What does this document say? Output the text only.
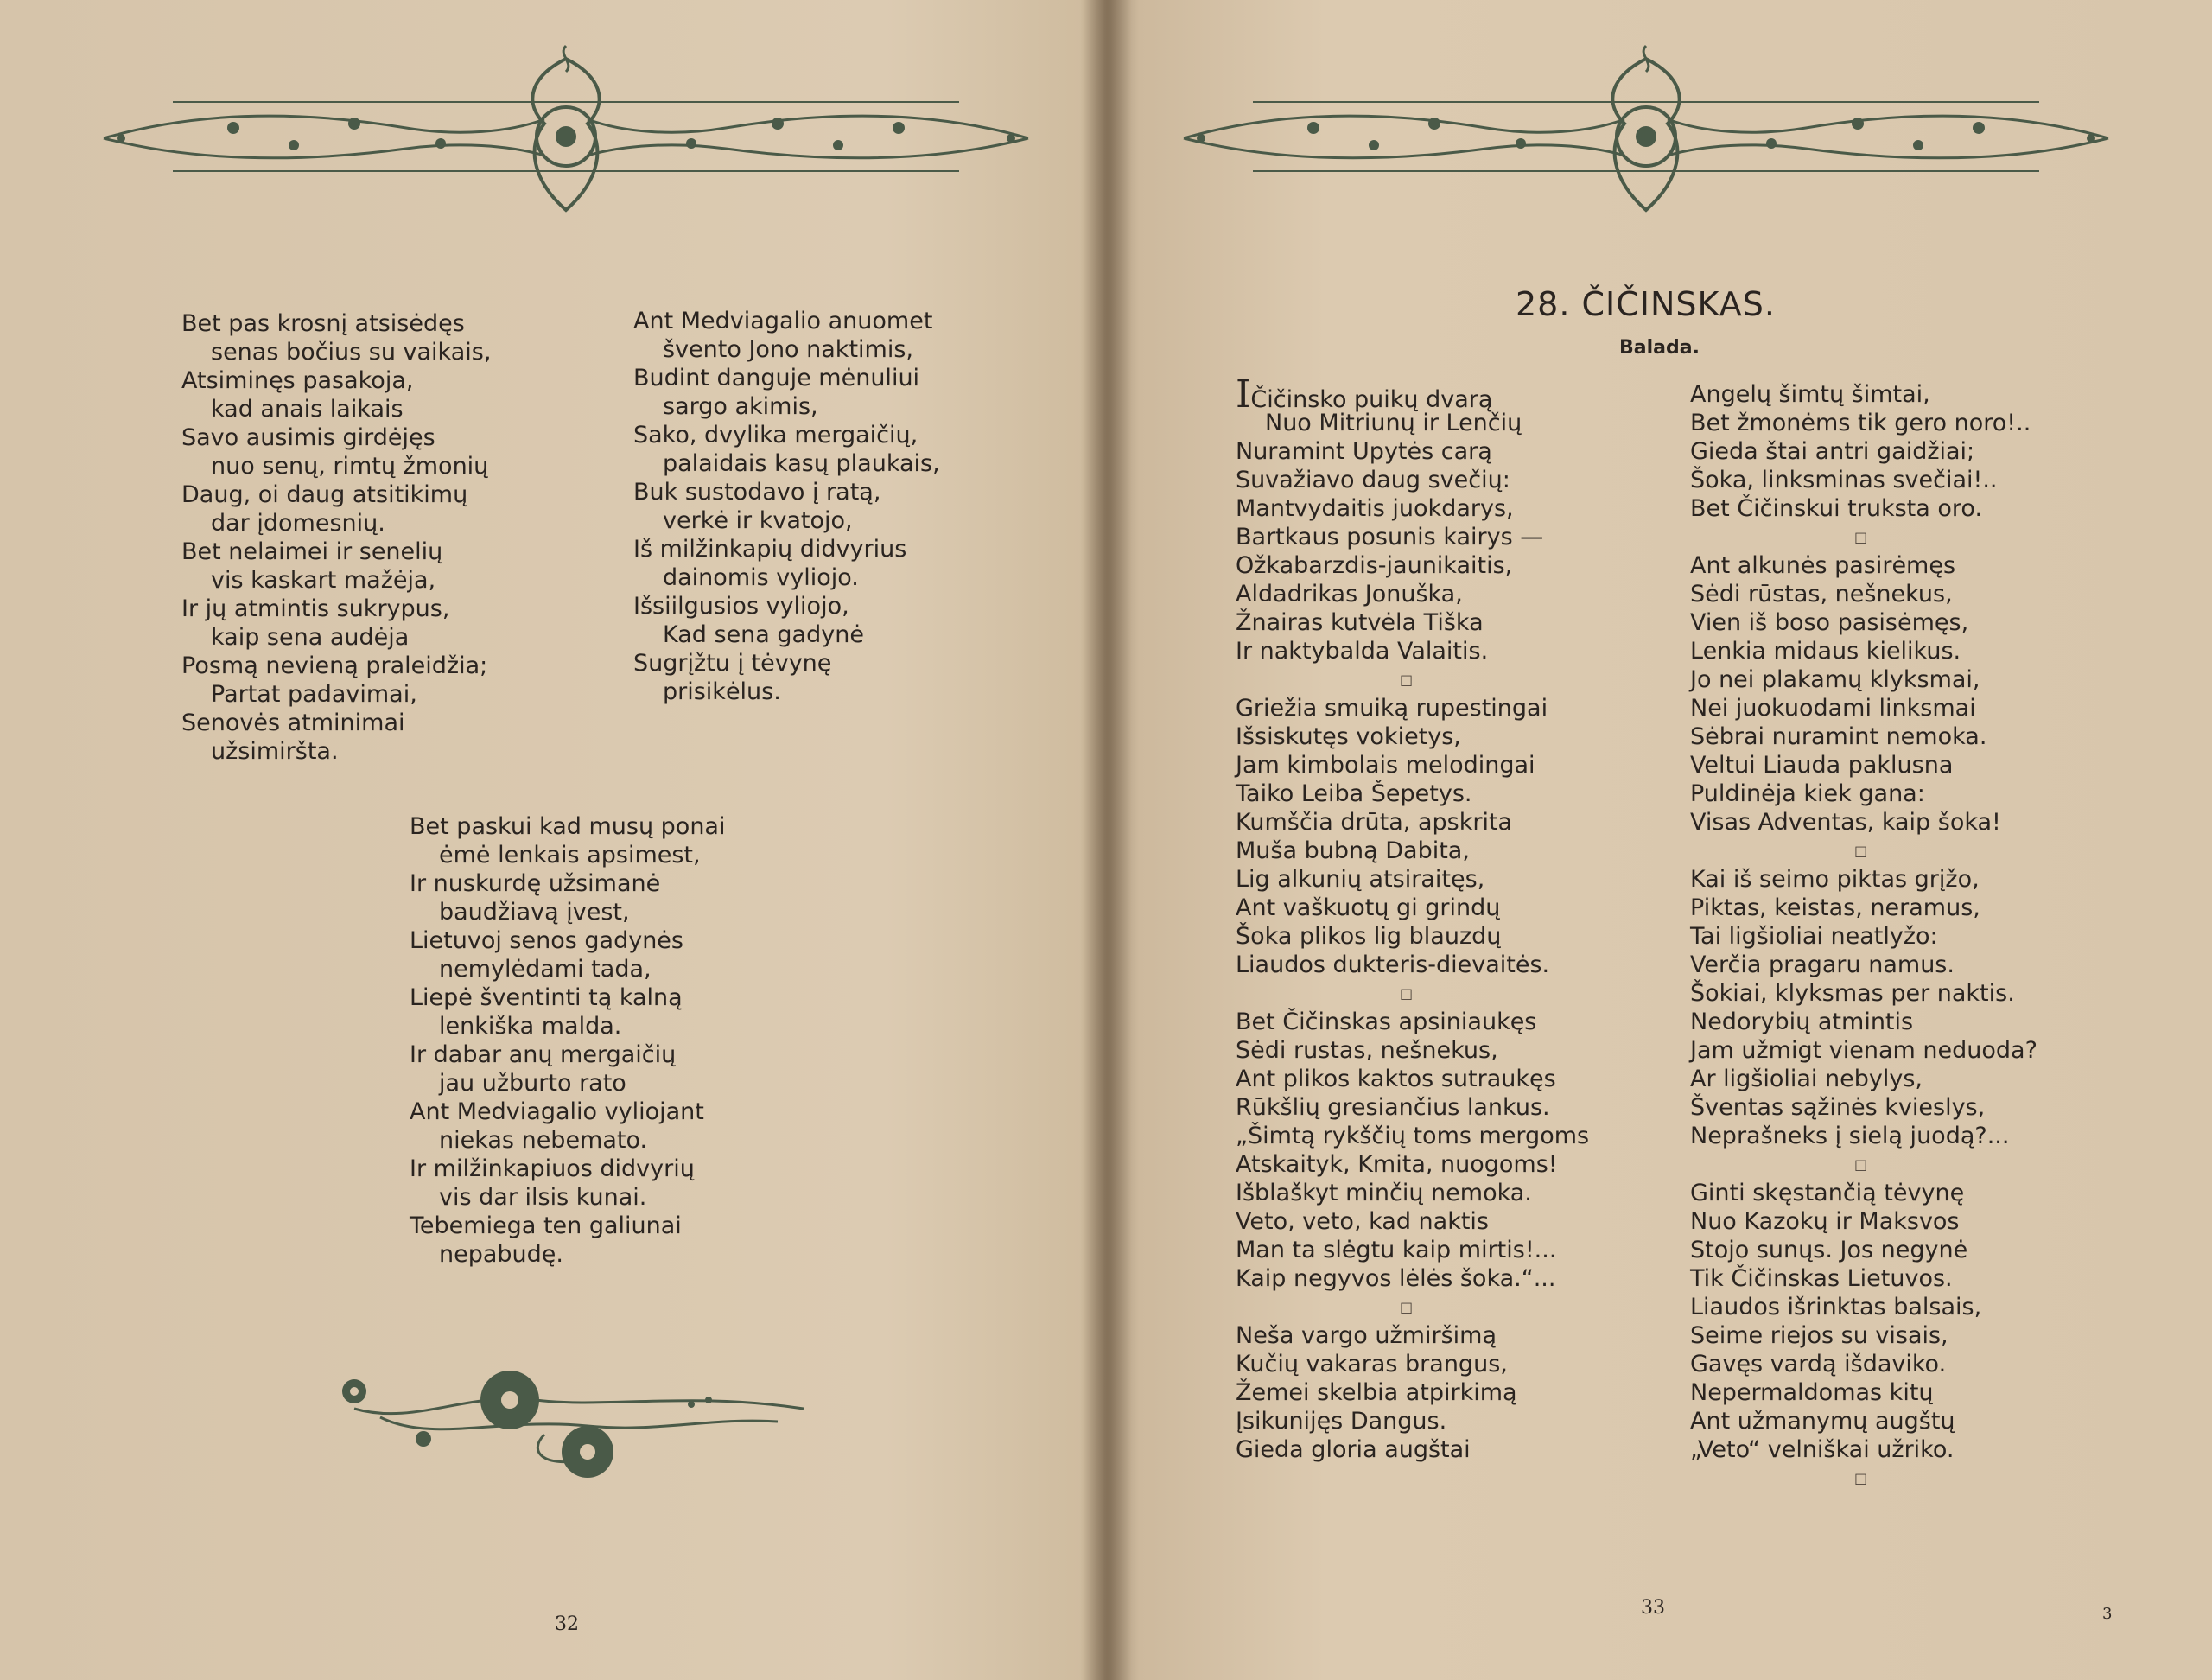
Bet pas krosnį atsisėdęs
senas bočius su vaikais,
Atsiminęs pasakoja,
kad anais laikais
Savo ausimis girdėjęs
nuo senų, rimtų žmonių
Daug, oi daug atsitikimų
dar įdomesnių.
Bet nelaimei ir senelių
vis kaskart mažėja,
Ir jų atmintis sukrypus,
kaip sena audėja
Posmą nevieną praleidžia;
Partat padavimai,
Senovės atminimai
užsimiršta.
Ant Medviagalio anuomet
švento Jono naktimis,
Budint danguje mėnuliui
sargo akimis,
Sako, dvylika mergaičių,
palaidais kasų plaukais,
Buk sustodavo į ratą,
verkė ir kvatojo,
Iš milžinkapių didvyrius
dainomis vyliojo.
Išsiilgusios vyliojo,
Kad sena gadynė
Sugrįžtu į tėvynę
prisikėlus.
Bet paskui kad musų ponai
ėmė lenkais apsimest,
Ir nuskurdę užsimanė
baudžiavą įvest,
Lietuvoj senos gadynės
nemylėdami tada,
Liepė šventinti tą kalną
lenkiška malda.
Ir dabar anų mergaičių
jau užburto rato
Ant Medviagalio vyliojant
niekas nebemato.
Ir milžinkapiuos didvyrių
vis dar ilsis kunai.
Tebemiega ten galiunai
nepabudę.
32
28. ČIČINSKAS.
Balada.
IČičinsko puikų dvarą
Nuo Mitriunų ir Lenčių
Nuramint Upytės carą
Suvažiavo daug svečių:
Mantvydaitis juokdarys,
Bartkaus posunis kairys —
Ožkabarzdis-jaunikaitis,
Aldadrikas Jonuška,
Žnairas kutvėla Tiška
Ir naktybalda Valaitis.
□
Griežia smuiką rupestingai
Išsiskutęs vokietys,
Jam kimbolais melodingai
Taiko Leiba Šepetys.
Kumščia drūta, apskrita
Muša bubną Dabita,
Lig alkunių atsiraitęs,
Ant vaškuotų gi grindų
Šoka plikos lig blauzdų
Liaudos dukteris-dievaitės.
□
Bet Čičinskas apsiniaukęs
Sėdi rustas, nešnekus,
Ant plikos kaktos sutraukęs
Rūkšlių gresiančius lankus.
„Šimtą rykščių toms mergoms
Atskaityk, Kmita, nuogoms!
Išblaškyt minčių nemoka.
Veto, veto, kad naktis
Man ta slėgtu kaip mirtis!...
Kaip negyvos lėlės šoka.“...
□
Neša vargo užmiršimą
Kučių vakaras brangus,
Žemei skelbia atpirkimą
Įsikunijęs Dangus.
Gieda gloria augštai
Angelų šimtų šimtai,
Bet žmonėms tik gero noro!..
Gieda štai antri gaidžiai;
Šoka, linksminas svečiai!..
Bet Čičinskui truksta oro.
□
Ant alkunės pasirėmęs
Sėdi rūstas, nešnekus,
Vien iš boso pasisėmęs,
Lenkia midaus kielikus.
Jo nei plakamų klyksmai,
Nei juokuodami linksmai
Sėbrai nuramint nemoka.
Veltui Liauda paklusna
Puldinėja kiek gana:
Visas Adventas, kaip šoka!
□
Kai iš seimo piktas grįžo,
Piktas, keistas, neramus,
Tai ligšioliai neatlyžo:
Verčia pragaru namus.
Šokiai, klyksmas per naktis.
Nedorybių atmintis
Jam užmigt vienam neduoda?
Ar ligšioliai nebylys,
Šventas sąžinės kvieslys,
Neprašneks į sielą juodą?...
□
Ginti skęstančią tėvynę
Nuo Kazokų ir Maksvos
Stojo sunųs. Jos negynė
Tik Čičinskas Lietuvos.
Liaudos išrinktas balsais,
Seime riejos su visais,
Gavęs vardą išdaviko.
Nepermaldomas kitų
Ant užmanymų augštų
„Veto“ velniškai užriko.
□
33	3
